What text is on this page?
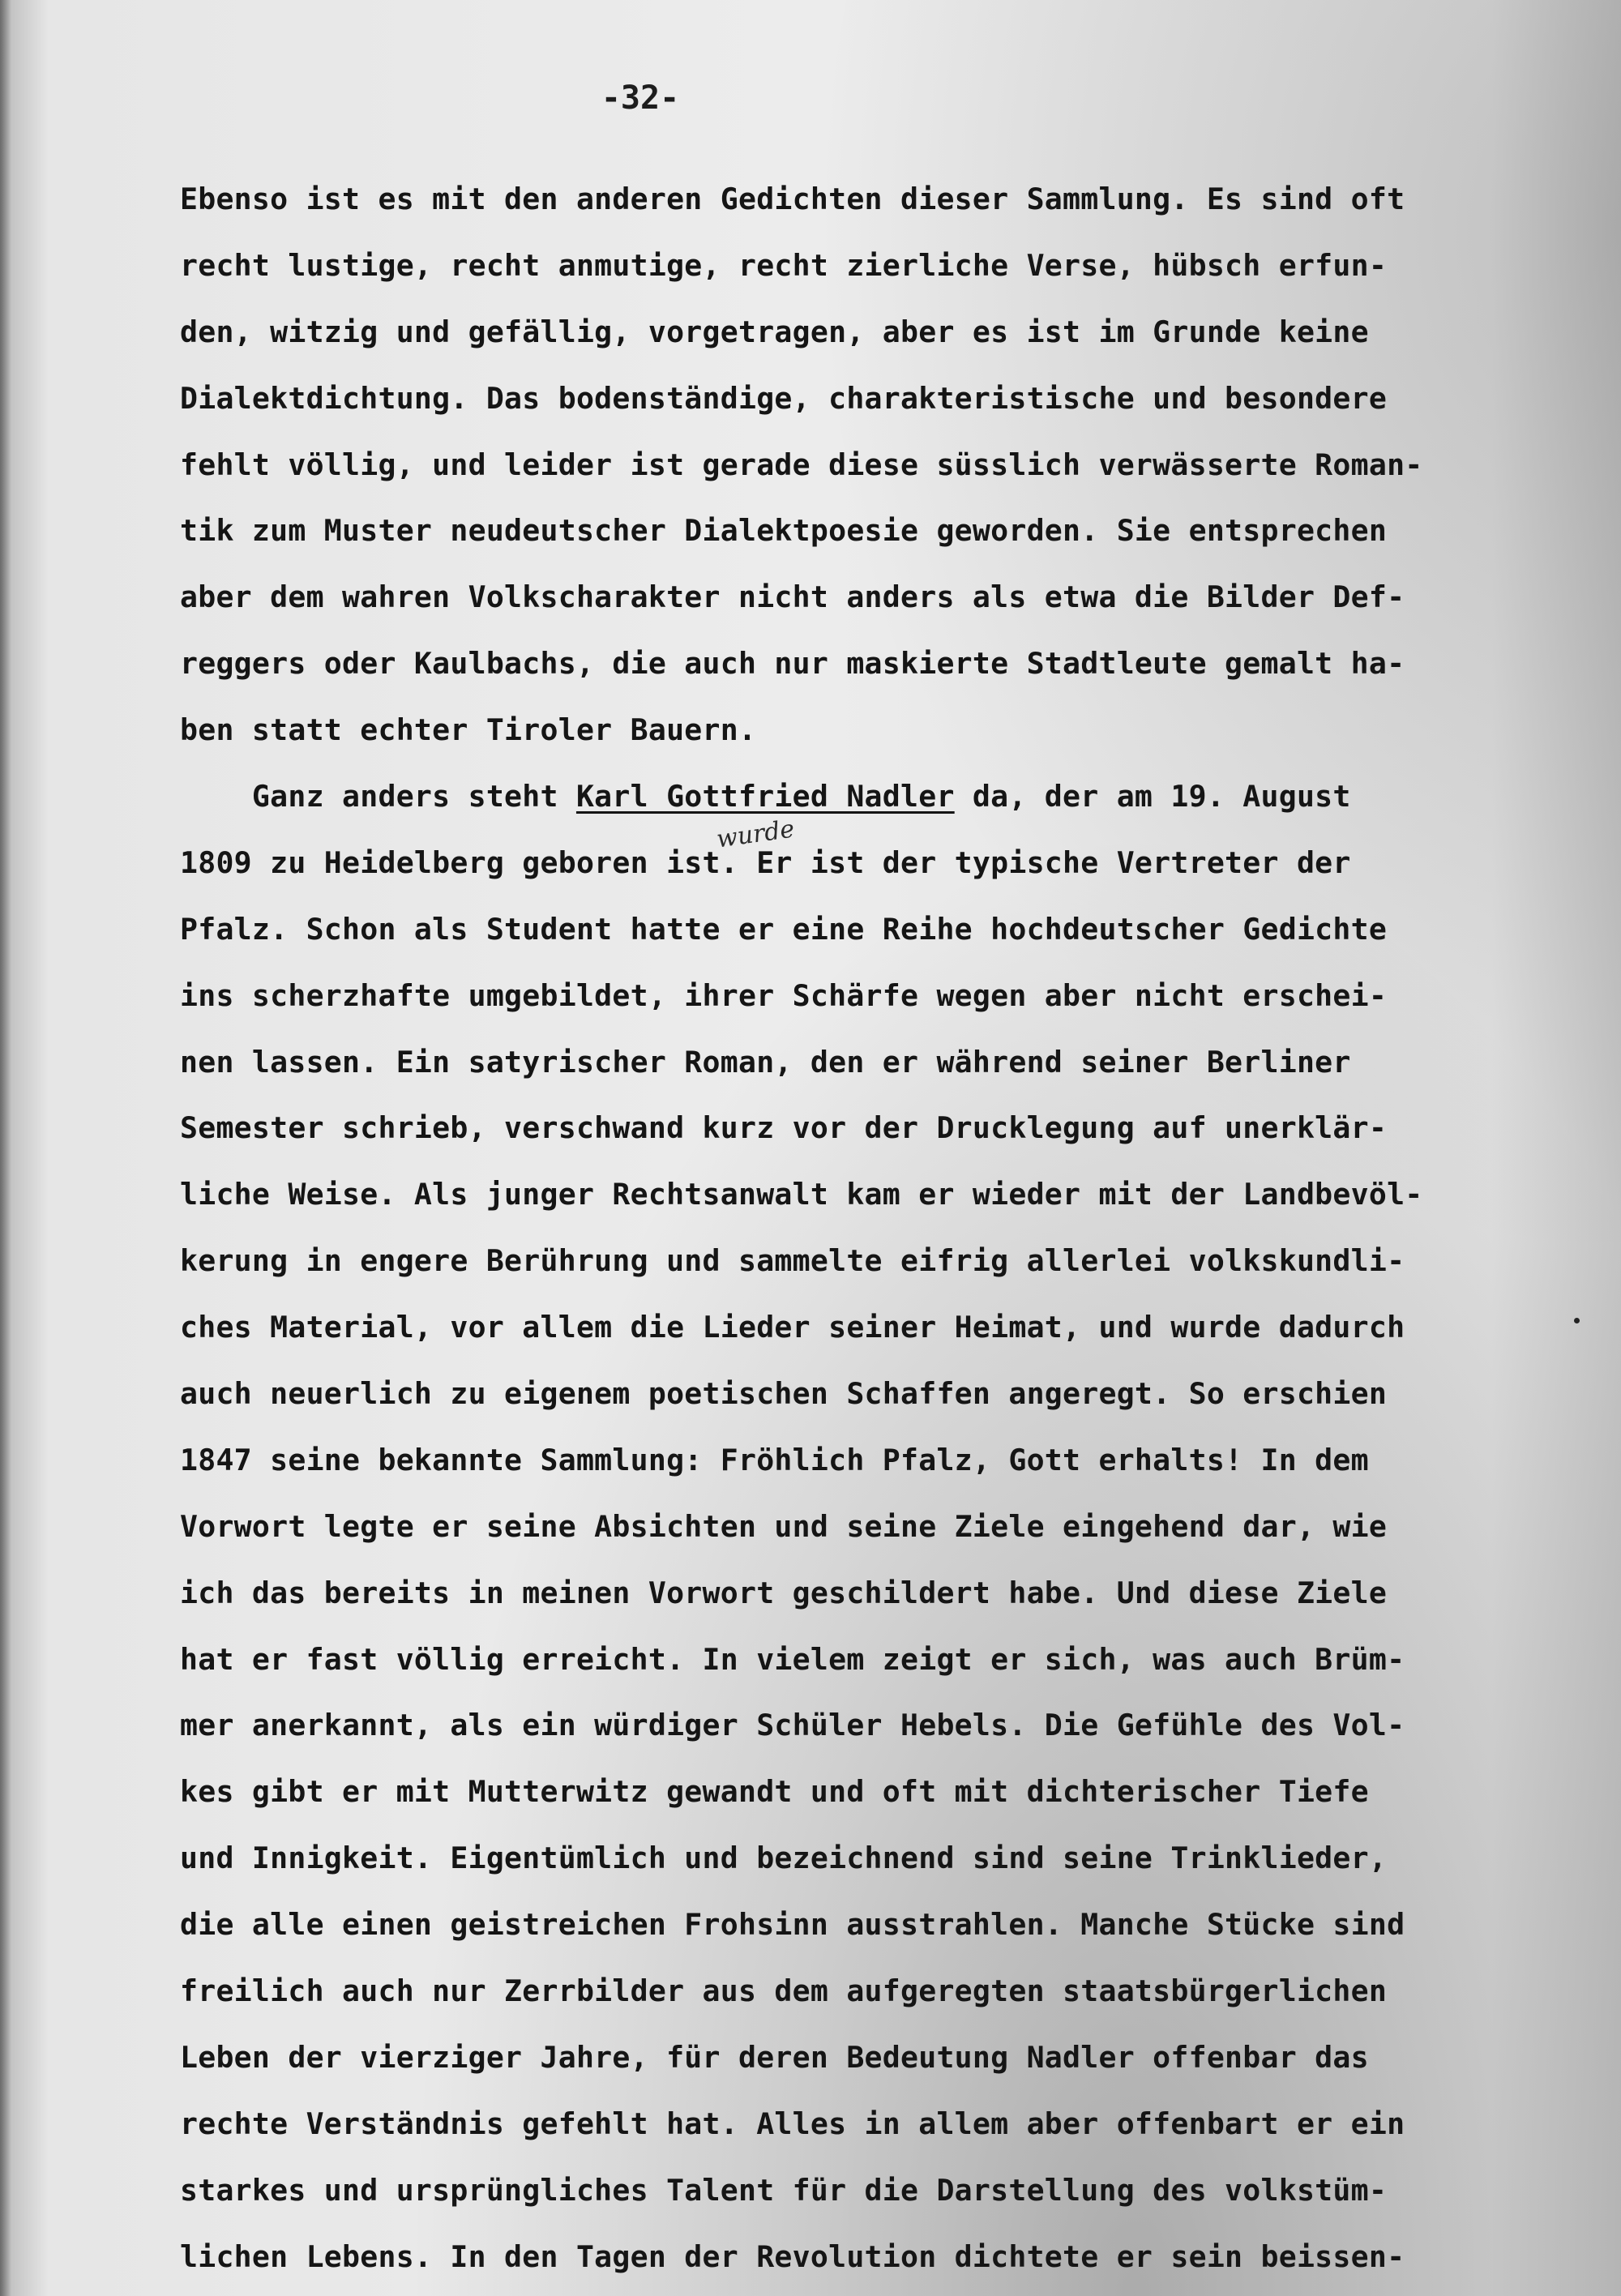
-32-
wurde
Ebenso ist es mit den anderen Gedichten dieser Sammlung. Es sind oft
recht lustige, recht anmutige, recht zierliche Verse, hübsch erfun-
den, witzig und gefällig, vorgetragen, aber es ist im Grunde keine
Dialektdichtung. Das bodenständige, charakteristische und besondere
fehlt völlig, und leider ist gerade diese süsslich verwässerte Roman-
tik zum Muster neudeutscher Dialektpoesie geworden. Sie entsprechen
aber dem wahren Volkscharakter nicht anders als etwa die Bilder Def-
reggers oder Kaulbachs, die auch nur maskierte Stadtleute gemalt ha-
ben statt echter Tiroler Bauern.
Ganz anders steht Karl Gottfried Nadler da, der am 19. August
1809 zu Heidelberg geboren ist. Er ist der typische Vertreter der
Pfalz. Schon als Student hatte er eine Reihe hochdeutscher Gedichte
ins scherzhafte umgebildet, ihrer Schärfe wegen aber nicht erschei-
nen lassen. Ein satyrischer Roman, den er während seiner Berliner
Semester schrieb, verschwand kurz vor der Drucklegung auf unerklär-
liche Weise. Als junger Rechtsanwalt kam er wieder mit der Landbevöl-
kerung in engere Berührung und sammelte eifrig allerlei volkskundli-
ches Material, vor allem die Lieder seiner Heimat, und wurde dadurch
auch neuerlich zu eigenem poetischen Schaffen angeregt. So erschien
1847 seine bekannte Sammlung: Fröhlich Pfalz, Gott erhalts! In dem
Vorwort legte er seine Absichten und seine Ziele eingehend dar, wie
ich das bereits in meinen Vorwort geschildert habe. Und diese Ziele
hat er fast völlig erreicht. In vielem zeigt er sich, was auch Brüm-
mer anerkannt, als ein würdiger Schüler Hebels. Die Gefühle des Vol-
kes gibt er mit Mutterwitz gewandt und oft mit dichterischer Tiefe
und Innigkeit. Eigentümlich und bezeichnend sind seine Trinklieder,
die alle einen geistreichen Frohsinn ausstrahlen. Manche Stücke sind
freilich auch nur Zerrbilder aus dem aufgeregten staatsbürgerlichen
Leben der vierziger Jahre, für deren Bedeutung Nadler offenbar das
rechte Verständnis gefehlt hat. Alles in allem aber offenbart er ein
starkes und ursprüngliches Talent für die Darstellung des volkstüm-
lichen Lebens. In den Tagen der Revolution dichtete er sein beissen-
